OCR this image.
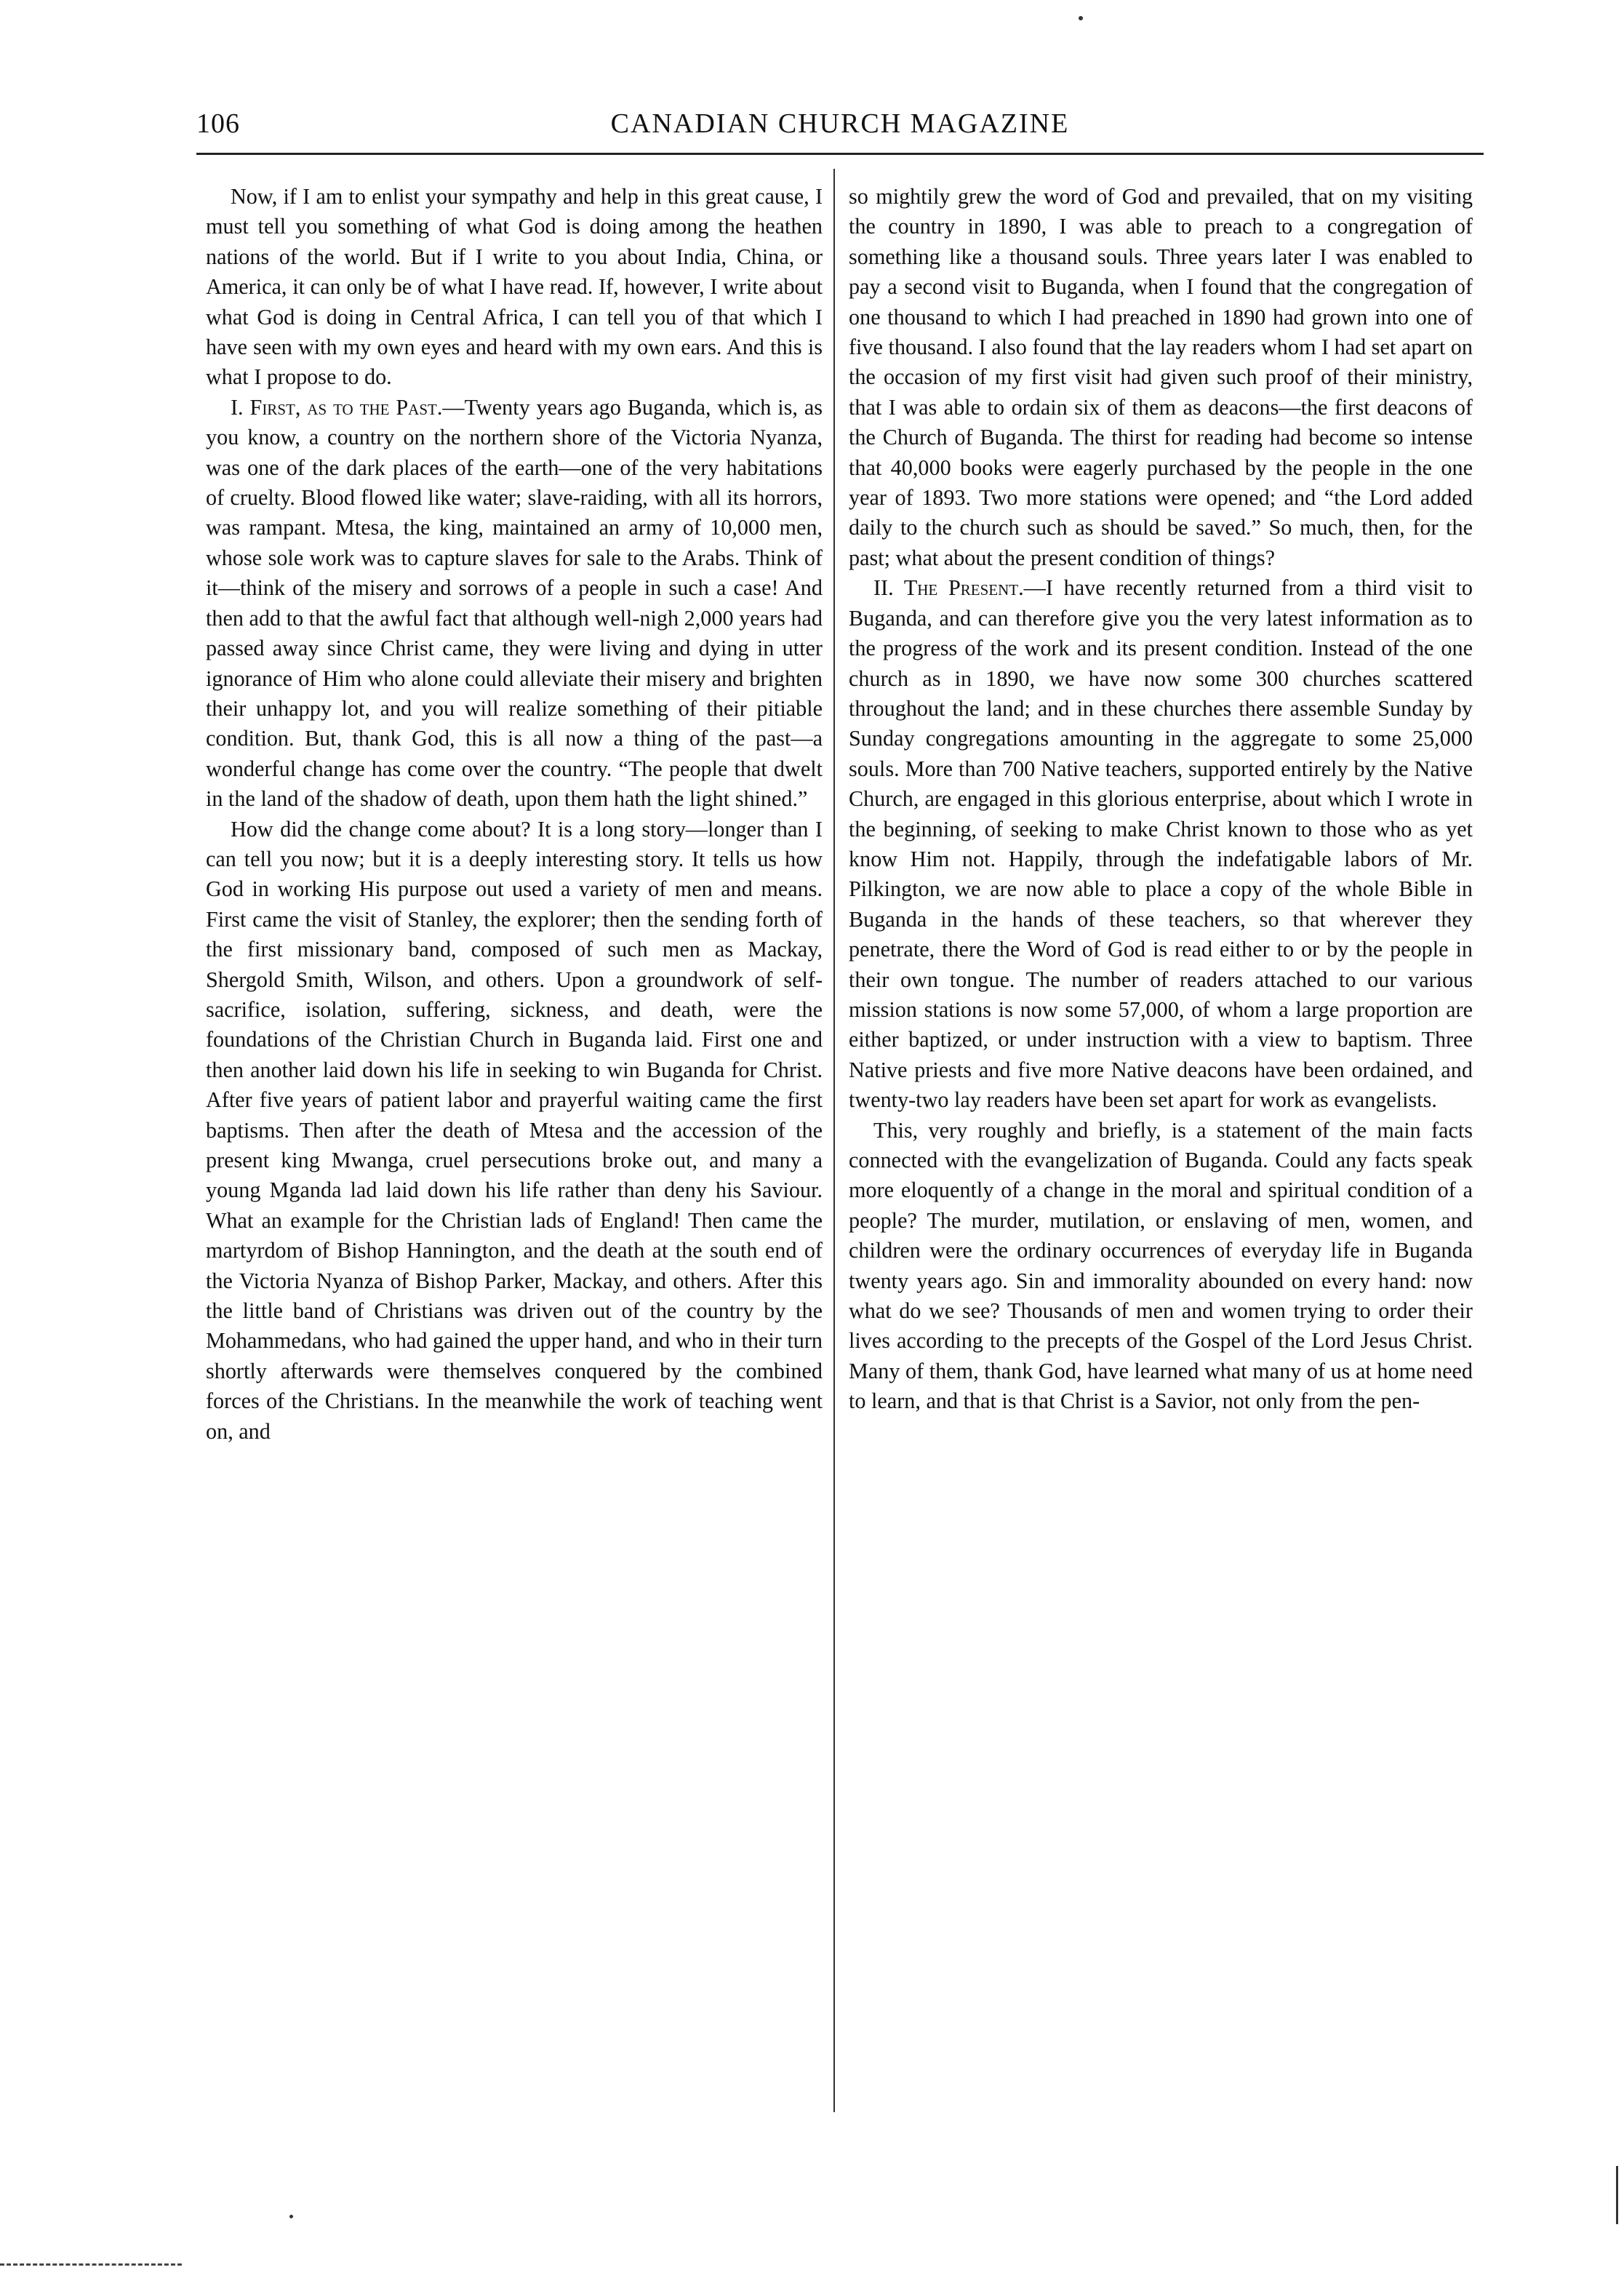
106	CANADIAN CHURCH MAGAZINE

Now, if I am to enlist your sympathy and help in this great cause, I must tell you something of what God is doing among the heathen nations of the world. But if I write to you about India, China, or America, it can only be of what I have read. If, however, I write about what God is doing in Central Africa, I can tell you of that which I have seen with my own eyes and heard with my own ears. And this is what I propose to do.

I. First, as to the Past.—Twenty years ago Buganda, which is, as you know, a country on the northern shore of the Victoria Nyanza, was one of the dark places of the earth—one of the very habitations of cruelty. Blood flowed like water; slave-raiding, with all its horrors, was rampant. Mtesa, the king, maintained an army of 10,000 men, whose sole work was to capture slaves for sale to the Arabs. Think of it—think of the misery and sorrows of a people in such a case! And then add to that the awful fact that although well-nigh 2,000 years had passed away since Christ came, they were living and dying in utter ignorance of Him who alone could alleviate their misery and brighten their unhappy lot, and you will realize something of their pitiable condition. But, thank God, this is all now a thing of the past—a wonderful change has come over the country. “The people that dwelt in the land of the shadow of death, upon them hath the light shined.”

How did the change come about? It is a long story—longer than I can tell you now; but it is a deeply interesting story. It tells us how God in working His purpose out used a variety of men and means. First came the visit of Stanley, the explorer; then the sending forth of the first missionary band, composed of such men as Mackay, Shergold Smith, Wilson, and others. Upon a groundwork of self-sacrifice, isolation, suffering, sickness, and death, were the foundations of the Christian Church in Buganda laid. First one and then another laid down his life in seeking to win Buganda for Christ. After five years of patient labor and prayerful waiting came the first baptisms. Then after the death of Mtesa and the accession of the present king Mwanga, cruel persecutions broke out, and many a young Mganda lad laid down his life rather than deny his Saviour. What an example for the Christian lads of England! Then came the martyrdom of Bishop Hannington, and the death at the south end of the Victoria Nyanza of Bishop Parker, Mackay, and others. After this the little band of Christians was driven out of the country by the Mohammedans, who had gained the upper hand, and who in their turn shortly afterwards were themselves conquered by the combined forces of the Christians. In the meanwhile the work of teaching went on, and

so mightily grew the word of God and prevailed, that on my visiting the country in 1890, I was able to preach to a congregation of something like a thousand souls. Three years later I was enabled to pay a second visit to Buganda, when I found that the congregation of one thousand to which I had preached in 1890 had grown into one of five thousand. I also found that the lay readers whom I had set apart on the occasion of my first visit had given such proof of their ministry, that I was able to ordain six of them as deacons—the first deacons of the Church of Buganda. The thirst for reading had become so intense that 40,000 books were eagerly purchased by the people in the one year of 1893. Two more stations were opened; and “the Lord added daily to the church such as should be saved.” So much, then, for the past; what about the present condition of things?

II. The Present.—I have recently returned from a third visit to Buganda, and can therefore give you the very latest information as to the progress of the work and its present condition. Instead of the one church as in 1890, we have now some 300 churches scattered throughout the land; and in these churches there assemble Sunday by Sunday congregations amounting in the aggregate to some 25,000 souls. More than 700 Native teachers, supported entirely by the Native Church, are engaged in this glorious enterprise, about which I wrote in the beginning, of seeking to make Christ known to those who as yet know Him not. Happily, through the indefatigable labors of Mr. Pilkington, we are now able to place a copy of the whole Bible in Buganda in the hands of these teachers, so that wherever they penetrate, there the Word of God is read either to or by the people in their own tongue. The number of readers attached to our various mission stations is now some 57,000, of whom a large proportion are either baptized, or under instruction with a view to baptism. Three Native priests and five more Native deacons have been ordained, and twenty-two lay readers have been set apart for work as evangelists.

This, very roughly and briefly, is a statement of the main facts connected with the evangelization of Buganda. Could any facts speak more eloquently of a change in the moral and spiritual condition of a people? The murder, mutilation, or enslaving of men, women, and children were the ordinary occurrences of everyday life in Buganda twenty years ago. Sin and immorality abounded on every hand: now what do we see? Thousands of men and women trying to order their lives according to the precepts of the Gospel of the Lord Jesus Christ. Many of them, thank God, have learned what many of us at home need to learn, and that is that Christ is a Savior, not only from the pen-
